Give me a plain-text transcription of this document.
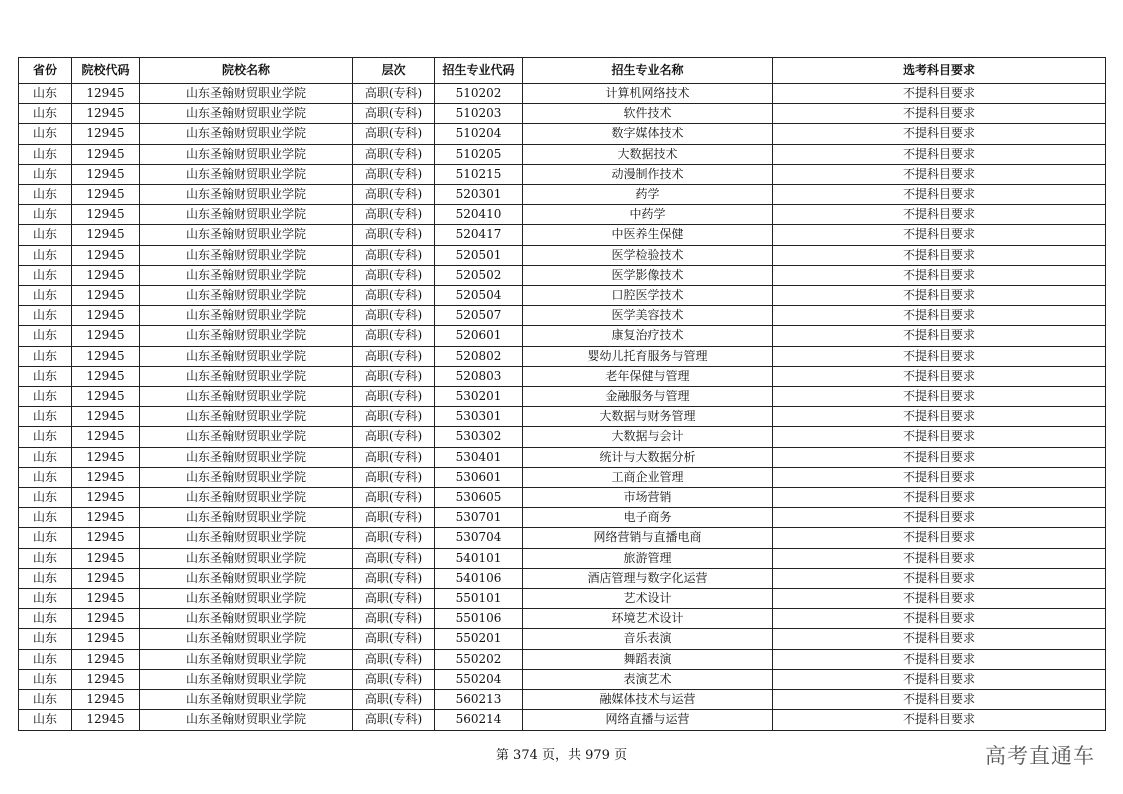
省份	院校代码	院校名称	层次	招生专业代码	招生专业名称	选考科目要求
山东	12945	山东圣翰财贸职业学院	高职(专科)	510202	计算机网络技术	不提科目要求
山东	12945	山东圣翰财贸职业学院	高职(专科)	510203	软件技术	不提科目要求
山东	12945	山东圣翰财贸职业学院	高职(专科)	510204	数字媒体技术	不提科目要求
山东	12945	山东圣翰财贸职业学院	高职(专科)	510205	大数据技术	不提科目要求
山东	12945	山东圣翰财贸职业学院	高职(专科)	510215	动漫制作技术	不提科目要求
山东	12945	山东圣翰财贸职业学院	高职(专科)	520301	药学	不提科目要求
山东	12945	山东圣翰财贸职业学院	高职(专科)	520410	中药学	不提科目要求
山东	12945	山东圣翰财贸职业学院	高职(专科)	520417	中医养生保健	不提科目要求
山东	12945	山东圣翰财贸职业学院	高职(专科)	520501	医学检验技术	不提科目要求
山东	12945	山东圣翰财贸职业学院	高职(专科)	520502	医学影像技术	不提科目要求
山东	12945	山东圣翰财贸职业学院	高职(专科)	520504	口腔医学技术	不提科目要求
山东	12945	山东圣翰财贸职业学院	高职(专科)	520507	医学美容技术	不提科目要求
山东	12945	山东圣翰财贸职业学院	高职(专科)	520601	康复治疗技术	不提科目要求
山东	12945	山东圣翰财贸职业学院	高职(专科)	520802	婴幼儿托育服务与管理	不提科目要求
山东	12945	山东圣翰财贸职业学院	高职(专科)	520803	老年保健与管理	不提科目要求
山东	12945	山东圣翰财贸职业学院	高职(专科)	530201	金融服务与管理	不提科目要求
山东	12945	山东圣翰财贸职业学院	高职(专科)	530301	大数据与财务管理	不提科目要求
山东	12945	山东圣翰财贸职业学院	高职(专科)	530302	大数据与会计	不提科目要求
山东	12945	山东圣翰财贸职业学院	高职(专科)	530401	统计与大数据分析	不提科目要求
山东	12945	山东圣翰财贸职业学院	高职(专科)	530601	工商企业管理	不提科目要求
山东	12945	山东圣翰财贸职业学院	高职(专科)	530605	市场营销	不提科目要求
山东	12945	山东圣翰财贸职业学院	高职(专科)	530701	电子商务	不提科目要求
山东	12945	山东圣翰财贸职业学院	高职(专科)	530704	网络营销与直播电商	不提科目要求
山东	12945	山东圣翰财贸职业学院	高职(专科)	540101	旅游管理	不提科目要求
山东	12945	山东圣翰财贸职业学院	高职(专科)	540106	酒店管理与数字化运营	不提科目要求
山东	12945	山东圣翰财贸职业学院	高职(专科)	550101	艺术设计	不提科目要求
山东	12945	山东圣翰财贸职业学院	高职(专科)	550106	环境艺术设计	不提科目要求
山东	12945	山东圣翰财贸职业学院	高职(专科)	550201	音乐表演	不提科目要求
山东	12945	山东圣翰财贸职业学院	高职(专科)	550202	舞蹈表演	不提科目要求
山东	12945	山东圣翰财贸职业学院	高职(专科)	550204	表演艺术	不提科目要求
山东	12945	山东圣翰财贸职业学院	高职(专科)	560213	融媒体技术与运营	不提科目要求
山东	12945	山东圣翰财贸职业学院	高职(专科)	560214	网络直播与运营	不提科目要求
第 374 页，共 979 页	高考直通车
